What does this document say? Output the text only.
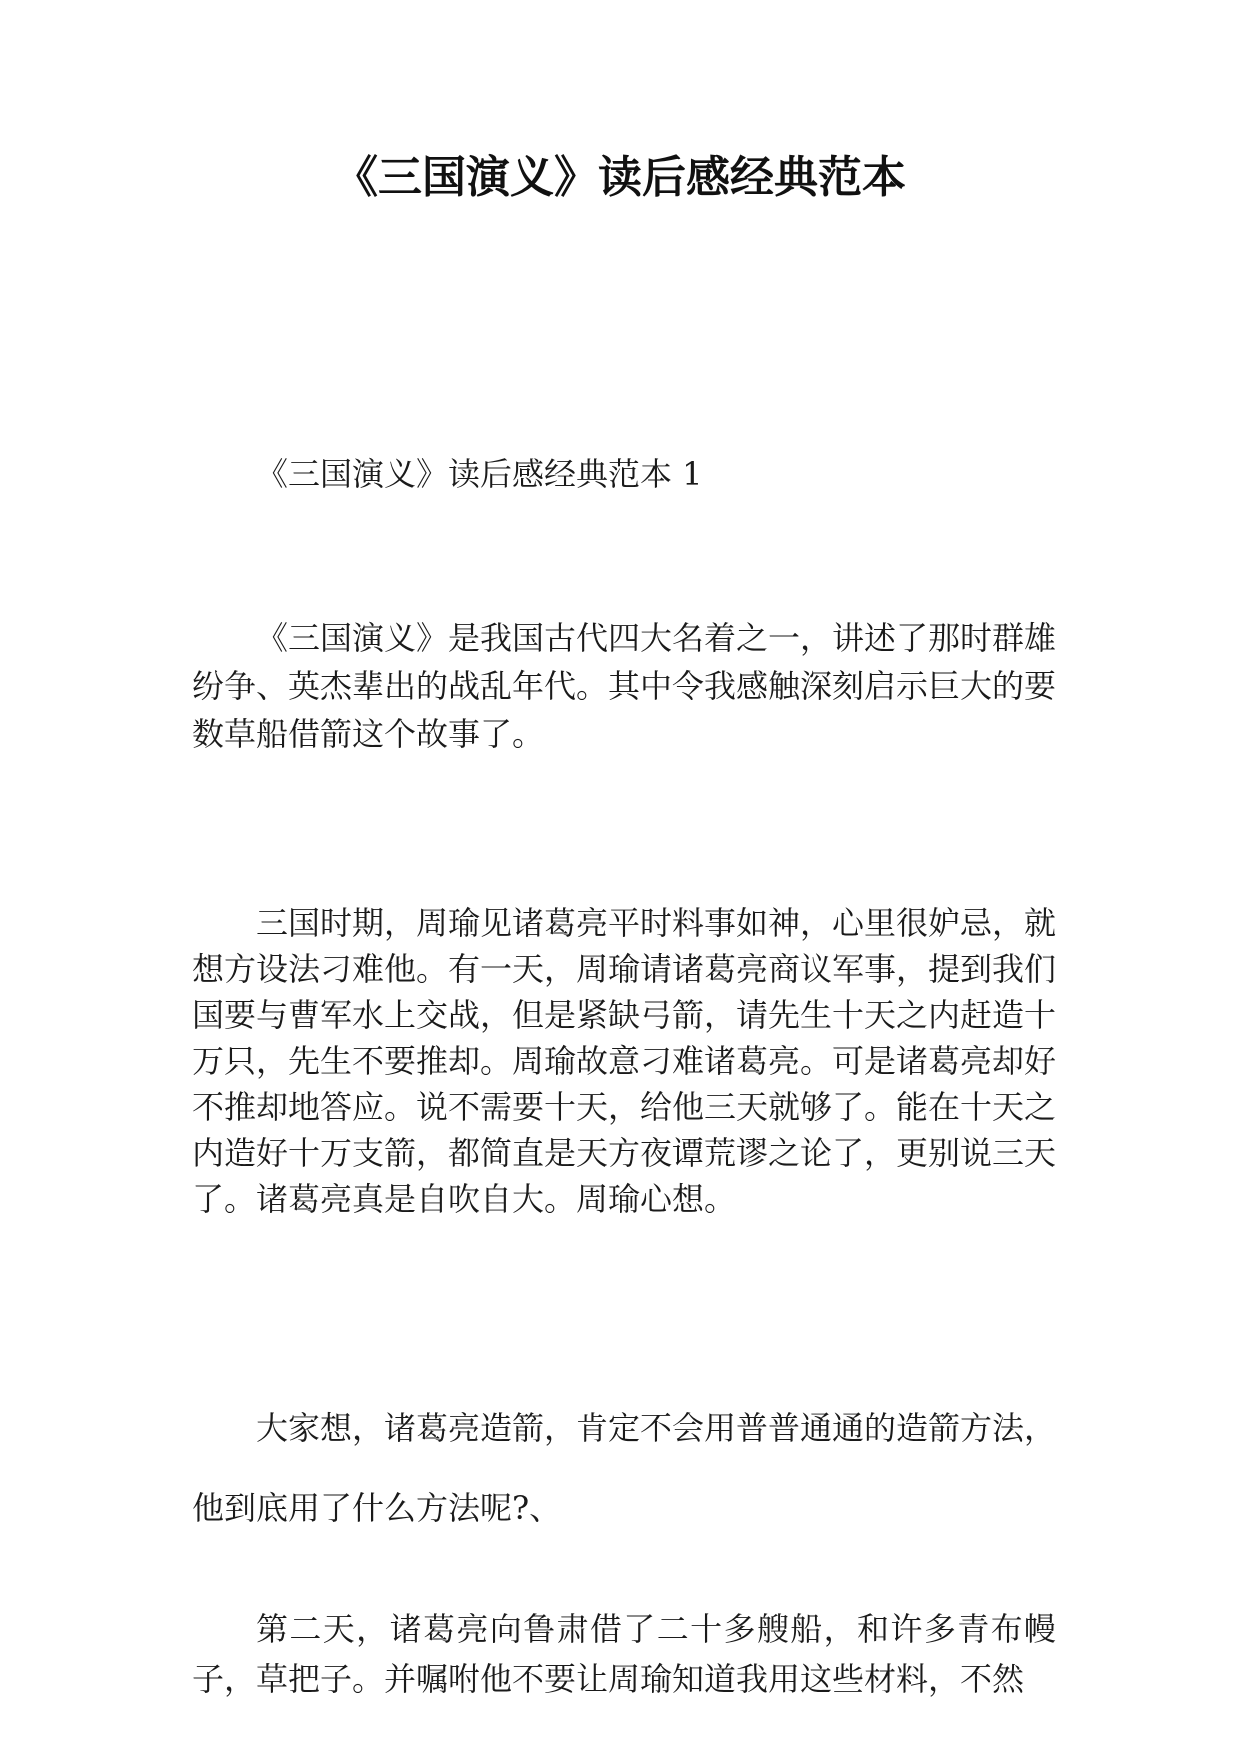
《三国演义》读后感经典范本

《三国演义》读后感经典范本 1

《三国演义》是我国古代四大名着之一，讲述了那时群雄纷争、英杰辈出的战乱年代。其中令我感触深刻启示巨大的要数草船借箭这个故事了。

三国时期，周瑜见诸葛亮平时料事如神，心里很妒忌，就想方设法刁难他。有一天，周瑜请诸葛亮商议军事，提到我们国要与曹军水上交战，但是紧缺弓箭，请先生十天之内赶造十万只，先生不要推却。周瑜故意刁难诸葛亮。可是诸葛亮却好不推却地答应。说不需要十天，给他三天就够了。能在十天之内造好十万支箭，都简直是天方夜谭荒谬之论了，更别说三天了。诸葛亮真是自吹自大。周瑜心想。

大家想，诸葛亮造箭，肯定不会用普普通通的造箭方法，他到底用了什么方法呢?、

第二天，诸葛亮向鲁肃借了二十多艘船，和许多青布幔子，草把子。并嘱咐他不要让周瑜知道我用这些材料，不然
